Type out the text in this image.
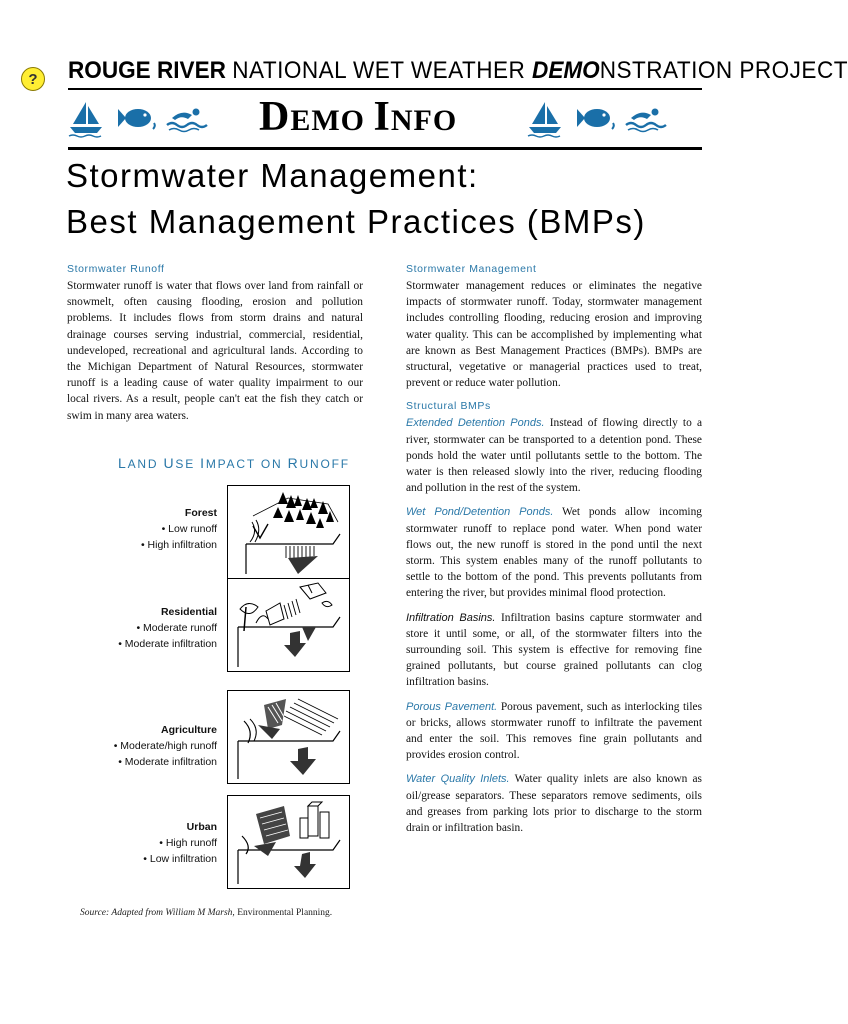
?	ROUGE RIVER NATIONAL WET WEATHER DEMONSTRATION PROJECT
DEMO INFO
Stormwater Management:
Best Management Practices (BMPs)
Stormwater Runoff
Stormwater runoff is water that flows over land from rainfall or snowmelt, often causing flooding, erosion and pollution problems. It includes flows from storm drains and natural drainage courses serving industrial, commercial, residential, undeveloped, recreational and agricultural lands. According to the Michigan Department of Natural Resources, stormwater runoff is a leading cause of water quality impairment to our local rivers. As a result, people can't eat the fish they catch or swim in many area waters.
LAND USE IMPACT ON RUNOFF
Forest
• Low runoff
• High infiltration
Residential
• Moderate runoff
• Moderate infiltration
Agriculture
• Moderate/high runoff
• Moderate infiltration
Urban
• High runoff
• Low infiltration
Source: Adapted from William M Marsh, Environmental Planning.
Stormwater Management
Stormwater management reduces or eliminates the negative impacts of stormwater runoff. Today, stormwater management includes controlling flooding, reducing erosion and improving water quality. This can be accomplished by implementing what are known as Best Management Practices (BMPs). BMPs are structural, vegetative or managerial practices used to treat, prevent or reduce water pollution.
Structural BMPs
Extended Detention Ponds. Instead of flowing directly to a river, stormwater can be transported to a detention pond. These ponds hold the water until pollutants settle to the bottom. The water is then released slowly into the river, reducing flooding and pollution in the rest of the system.
Wet Pond/Detention Ponds. Wet ponds allow incoming stormwater runoff to replace pond water. When pond water flows out, the new runoff is stored in the pond until the next storm. This system enables many of the runoff pollutants to settle to the bottom of the pond. This prevents pollutants from entering the river, but provides minimal flood protection.
Infiltration Basins. Infiltration basins capture stormwater and store it until some, or all, of the stormwater filters into the surrounding soil. This system is effective for removing fine grained pollutants, but course grained pollutants can clog infiltration basins.
Porous Pavement. Porous pavement, such as interlocking tiles or bricks, allows stormwater runoff to infiltrate the pavement and enter the soil. This removes fine grain pollutants and provides erosion control.
Water Quality Inlets. Water quality inlets are also known as oil/grease separators. These separators remove sediments, oils and greases from parking lots prior to discharge to the storm drain or infiltration basin.
